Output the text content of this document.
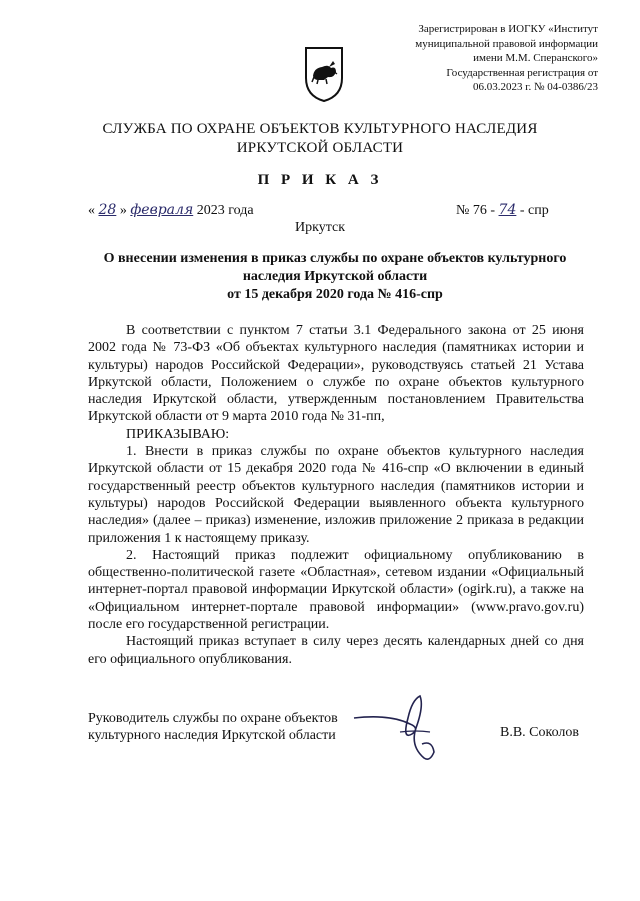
Зарегистрирован в ИОГКУ «Институт
муниципальной правовой информации
имени М.М. Сперанского»
Государственная регистрация от
06.03.2023 г. № 04-0386/23
СЛУЖБА ПО ОХРАНЕ ОБЪЕКТОВ КУЛЬТУРНОГО НАСЛЕДИЯ
ИРКУТСКОЙ ОБЛАСТИ
П Р И К А З
« 28 » февраля 2023 года	№ 76 - 74 - спр
Иркутск
О внесении изменения в приказ службы по охране объектов культурного
наследия Иркутской области
от 15 декабря 2020 года № 416-спр

В соответствии с пунктом 7 статьи 3.1 Федерального закона от 25 июня 2002 года № 73-ФЗ «Об объектах культурного наследия (памятниках истории и культуры) народов Российской Федерации», руководствуясь статьей 21 Устава Иркутской области, Положением о службе по охране объектов культурного наследия Иркутской области, утвержденным постановлением Правительства Иркутской области от 9 марта 2010 года № 31-пп,

ПРИКАЗЫВАЮ:

1. Внести в приказ службы по охране объектов культурного наследия Иркутской области от 15 декабря 2020 года № 416-спр «О включении в единый государственный реестр объектов культурного наследия (памятников истории и культуры) народов Российской Федерации выявленного объекта культурного наследия» (далее – приказ) изменение, изложив приложение 2 приказа в редакции приложения 1 к настоящему приказу.

2. Настоящий приказ подлежит официальному опубликованию в общественно-политической газете «Областная», сетевом издании «Официальный интернет-портал правовой информации Иркутской области» (ogirk.ru), а также на «Официальном интернет-портале правовой информации» (www.pravo.gov.ru) после его государственной регистрации.

Настоящий приказ вступает в силу через десять календарных дней со дня его официального опубликования.

Руководитель службы по охране объектов
культурного наследия Иркутской области	В.В. Соколов
